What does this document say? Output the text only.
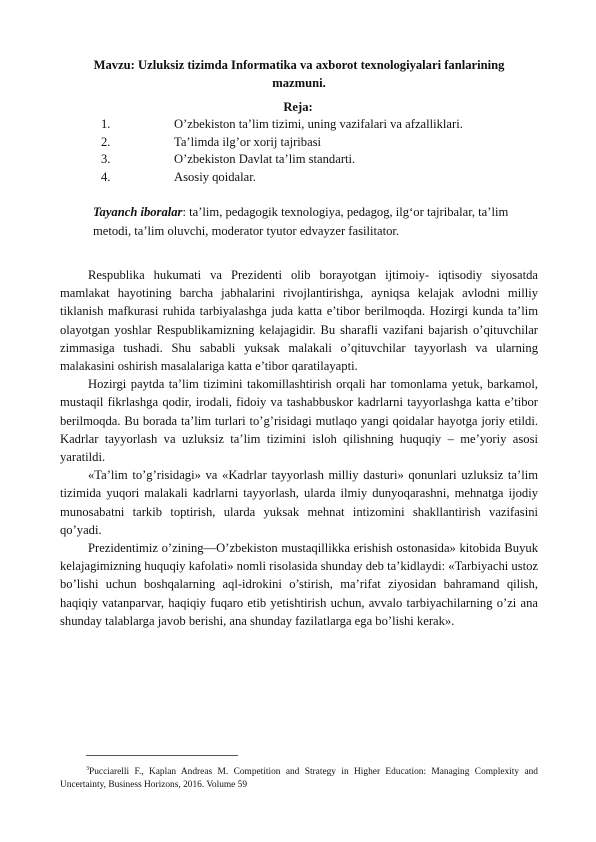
Mavzu: Uzluksiz tizimda Informatika va axborot texnologiyalari fanlarining
mazmuni.
Reja:
1.	O’zbekiston ta’lim tizimi, uning vazifalari va afzalliklari.
2.	Ta’limda ilg’or xorij tajribasi
3.	O’zbekiston Davlat ta’lim standarti.
4.	Asosiy qoidalar.
Tayanch iboralar: ta’lim, pedagogik texnologiya, pedagog, ilg‘or tajribalar, ta’lim metodi, ta’lim oluvchi, moderator tyutor edvayzer fasilitator.

Respublika hukumati va Prezidenti olib borayotgan ijtimoiy- iqtisodiy siyosatda mamlakat hayotining barcha jabhalarini rivojlantirishga, ayniqsa kelajak avlodni milliy tiklanish mafkurasi ruhida tarbiyalashga juda katta e’tibor berilmoqda. Hozirgi kunda ta’lim olayotgan yoshlar Respublikamizning kelajagidir. Bu sharafli vazifani bajarish o’qituvchilar zimmasiga tushadi. Shu sababli yuksak malakali o’qituvchilar tayyorlash va ularning malakasini oshirish masalalariga katta e’tibor qaratilayapti.

Hozirgi paytda ta’lim tizimini takomillashtirish orqali har tomonlama yetuk, barkamol, mustaqil fikrlashga qodir, irodali, fidoiy va tashabbuskor kadrlarni tayyorlashga katta e’tibor berilmoqda. Bu borada ta’lim turlari to’g’risidagi mutlaqo yangi qoidalar hayotga joriy etildi. Kadrlar tayyorlash va uzluksiz ta’lim tizimini isloh qilishning huquqiy – me’yoriy asosi yaratildi.

«Ta’lim to’g’risidagi» va «Kadrlar tayyorlash milliy dasturi» qonunlari uzluksiz ta’lim tizimida yuqori malakali kadrlarni tayyorlash, ularda ilmiy dunyoqarashni, mehnatga ijodiy munosabatni tarkib toptirish, ularda yuksak mehnat intizomini shakllantirish vazifasini qo’yadi.

Prezidentimiz o’zining―O’zbekiston mustaqillikka erishish ostonasida» kitobida Buyuk kelajagimizning huquqiy kafolati» nomli risolasida shunday deb ta’kidlaydi: «Tarbiyachi ustoz bo’lishi uchun boshqalarning aql-idrokini o’stirish, ma’rifat ziyosidan bahramand qilish, haqiqiy vatanparvar, haqiqiy fuqaro etib yetishtirish uchun, avvalo tarbiyachilarning o’zi ana shunday talablarga javob berishi, ana shunday fazilatlarga ega bo’lishi kerak».

$^3$Pucciarelli F., Kaplan Andreas M. Competition and Strategy in Higher Education: Managing Complexity and Uncertainty, Business Horizons, 2016. Volume 59
